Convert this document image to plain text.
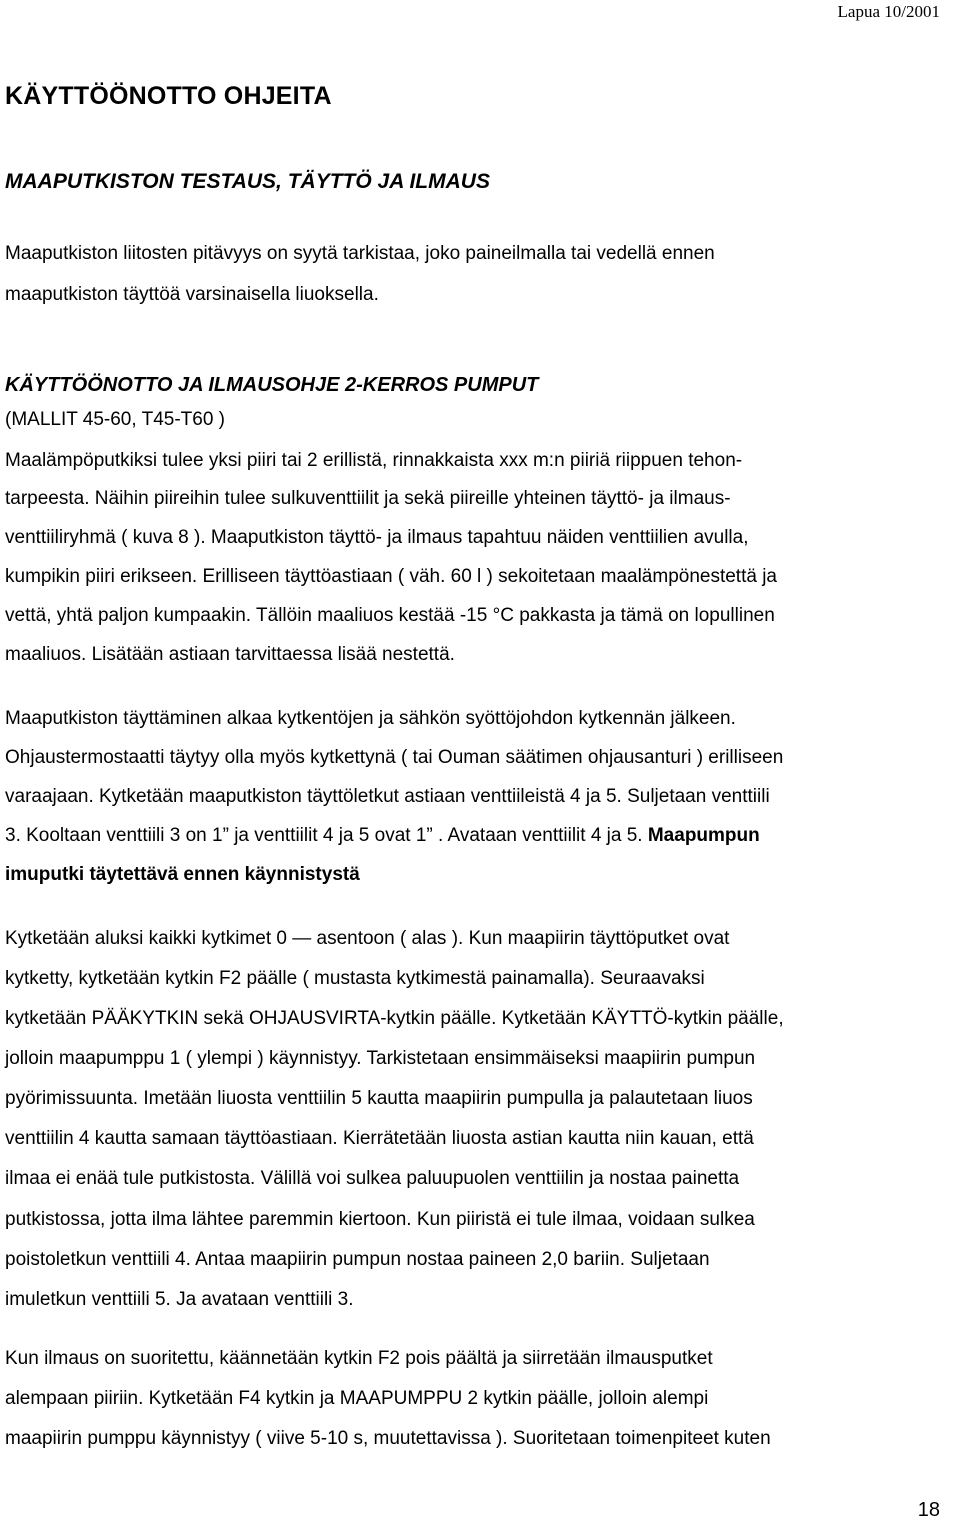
Lapua 10/2001
KÄYTTÖÖNOTTO OHJEITA
MAAPUTKISTON TESTAUS, TÄYTTÖ JA ILMAUS
Maaputkiston liitosten pitävyys on syytä tarkistaa, joko paineilmalla tai vedellä ennen
maaputkiston täyttöä varsinaisella liuoksella.
KÄYTTÖÖNOTTO JA ILMAUSOHJE 2-KERROS PUMPUT
(MALLIT 45-60, T45-T60 )
Maalämpöputkiksi tulee yksi piiri tai 2 erillistä, rinnakkaista xxx m:n piiriä riippuen tehon-
tarpeesta. Näihin piireihin tulee sulkuventtiilit ja sekä piireille yhteinen täyttö- ja ilmaus-
venttiiliryhmä ( kuva 8 ). Maaputkiston täyttö- ja ilmaus tapahtuu näiden venttiilien avulla,
kumpikin piiri erikseen. Erilliseen täyttöastiaan ( väh. 60 l ) sekoitetaan maalämpönestettä ja
vettä, yhtä paljon kumpaakin. Tällöin maaliuos kestää -15 °C pakkasta ja tämä on lopullinen
maaliuos. Lisätään astiaan tarvittaessa lisää nestettä.
Maaputkiston täyttäminen alkaa kytkentöjen ja sähkön syöttöjohdon kytkennän jälkeen.
Ohjaustermostaatti täytyy olla myös kytkettynä ( tai Ouman säätimen ohjausanturi ) erilliseen
varaajaan. Kytketään maaputkiston täyttöletkut astiaan venttiileistä 4 ja 5. Suljetaan venttiili
3. Kooltaan venttiili 3 on 1” ja venttiilit 4 ja 5 ovat 1” . Avataan venttiilit 4 ja 5. Maapumpun
imuputki täytettävä ennen käynnistystä
Kytketään aluksi kaikki kytkimet 0 — asentoon ( alas ). Kun maapiirin täyttöputket ovat
kytketty, kytketään kytkin F2 päälle ( mustasta kytkimestä painamalla). Seuraavaksi
kytketään PÄÄKYTKIN sekä OHJAUSVIRTA-kytkin päälle. Kytketään KÄYTTÖ-kytkin päälle,
jolloin maapumppu 1 ( ylempi ) käynnistyy. Tarkistetaan ensimmäiseksi maapiirin pumpun
pyörimissuunta. Imetään liuosta venttiilin 5 kautta maapiirin pumpulla ja palautetaan liuos
venttiilin 4 kautta samaan täyttöastiaan. Kierrätetään liuosta astian kautta niin kauan, että
ilmaa ei enää tule putkistosta. Välillä voi sulkea paluupuolen venttiilin ja nostaa painetta
putkistossa, jotta ilma lähtee paremmin kiertoon. Kun piiristä ei tule ilmaa, voidaan sulkea
poistoletkun venttiili 4. Antaa maapiirin pumpun nostaa paineen 2,0 bariin. Suljetaan
imuletkun venttiili 5. Ja avataan venttiili 3.
Kun ilmaus on suoritettu, käännetään kytkin F2 pois päältä ja siirretään ilmausputket
alempaan piiriin. Kytketään F4 kytkin ja MAAPUMPPU 2 kytkin päälle, jolloin alempi
maapiirin pumppu käynnistyy ( viive 5-10 s, muutettavissa ). Suoritetaan toimenpiteet kuten
18
